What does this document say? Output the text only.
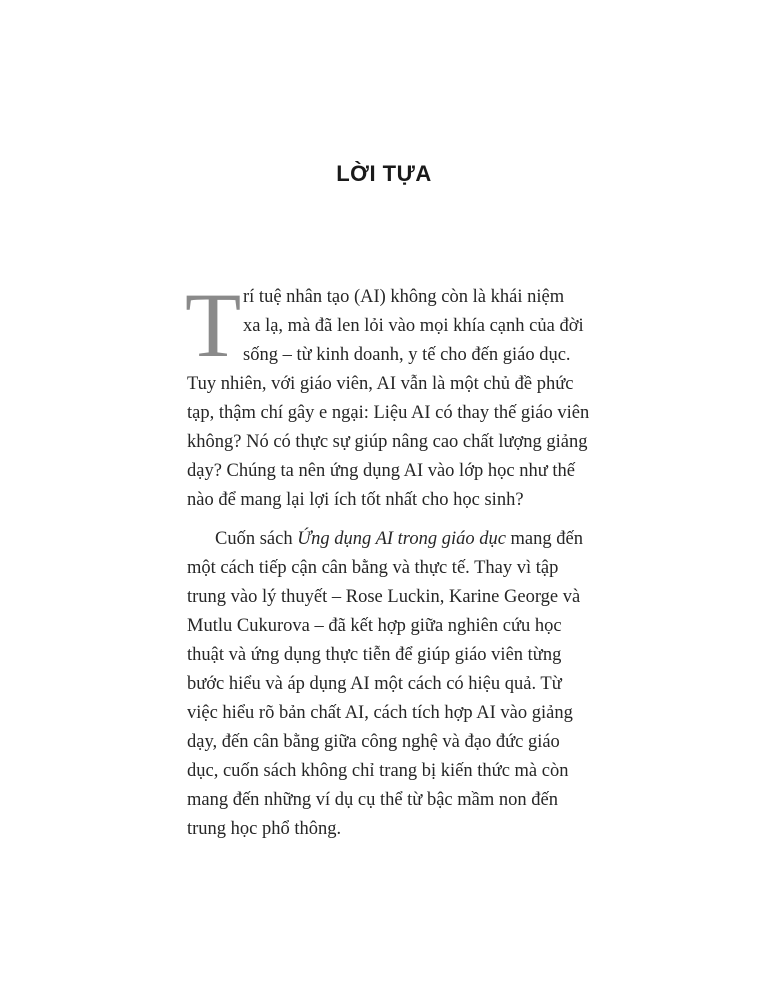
LỜI TỰA
T rí tuệ nhân tạo (AI) không còn là khái niệm
xa lạ, mà đã len lỏi vào mọi khía cạnh của đời
sống – từ kinh doanh, y tế cho đến giáo dục.
Tuy nhiên, với giáo viên, AI vẫn là một chủ đề phức
tạp, thậm chí gây e ngại: Liệu AI có thay thế giáo viên
không? Nó có thực sự giúp nâng cao chất lượng giảng
dạy? Chúng ta nên ứng dụng AI vào lớp học như thế
nào để mang lại lợi ích tốt nhất cho học sinh?
Cuốn sách Ứng dụng AI trong giáo dục mang đến
một cách tiếp cận cân bằng và thực tế. Thay vì tập
trung vào lý thuyết – Rose Luckin, Karine George và
Mutlu Cukurova – đã kết hợp giữa nghiên cứu học
thuật và ứng dụng thực tiễn để giúp giáo viên từng
bước hiểu và áp dụng AI một cách có hiệu quả. Từ
việc hiểu rõ bản chất AI, cách tích hợp AI vào giảng
dạy, đến cân bằng giữa công nghệ và đạo đức giáo
dục, cuốn sách không chỉ trang bị kiến thức mà còn
mang đến những ví dụ cụ thể từ bậc mầm non đến
trung học phổ thông.
